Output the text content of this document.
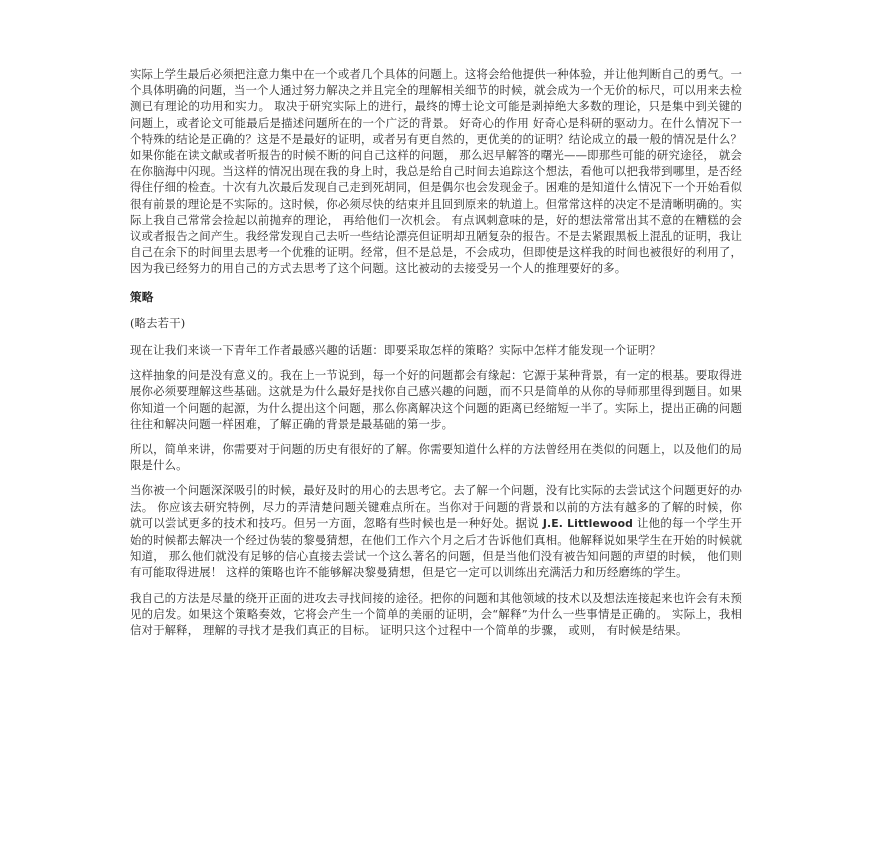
实际上学生最后必须把注意力集中在一个或者几个具体的问题上。这将会给他提供一种体验，并让他判断自己的勇气。一个具体明确的问题，当一个人通过努力解决之并且完全的理解相关细节的时候，就会成为一个无价的标尺，可以用来去检测已有理论的功用和实力。 取决于研究实际上的进行，最终的博士论文可能是剥掉绝大多数的理论，只是集中到关键的问题上，或者论文可能最后是描述问题所在的一个广泛的背景。 好奇心的作用 好奇心是科研的驱动力。在什么情况下一个特殊的结论是正确的？这是不是最好的证明，或者另有更自然的，更优美的的证明？结论成立的最一般的情况是什么？ 如果你能在读文献或者听报告的时候不断的问自己这样的问题， 那么迟早解答的曙光——即那些可能的研究途径， 就会在你脑海中闪现。当这样的情况出现在我的身上时，我总是给自己时间去追踪这个想法，看他可以把我带到哪里，是否经得住仔细的检查。十次有九次最后发现自己走到死胡同，但是偶尔也会发现金子。困难的是知道什么情况下一个开始看似很有前景的理论是不实际的。这时候，你必须尽快的结束并且回到原来的轨道上。但常常这样的决定不是清晰明确的。实际上我自己常常会捡起以前抛弃的理论， 再给他们一次机会。 有点讽刺意味的是，好的想法常常出其不意的在糟糕的会议或者报告之间产生。我经常发现自己去听一些结论漂亮但证明却丑陋复杂的报告。不是去紧跟黑板上混乱的证明，我让自己在余下的时间里去思考一个优雅的证明。经常，但不是总是，不会成功，但即使是这样我的时间也被很好的利用了，因为我已经努力的用自己的方式去思考了这个问题。这比被动的去接受另一个人的推理要好的多。

策略

(略去若干)

现在让我们来谈一下青年工作者最感兴趣的话题：即要采取怎样的策略？实际中怎样才能发现一个证明？

这样抽象的问是没有意义的。我在上一节说到，每一个好的问题都会有缘起：它源于某种背景，有一定的根基。要取得进展你必须要理解这些基础。这就是为什么最好是找你自己感兴趣的问题，而不只是简单的从你的导师那里得到题目。如果你知道一个问题的起源，为什么提出这个问题，那么你离解决这个问题的距离已经缩短一半了。实际上，提出正确的问题往往和解决问题一样困难，了解正确的背景是最基础的第一步。

所以，简单来讲，你需要对于问题的历史有很好的了解。你需要知道什么样的方法曾经用在类似的问题上，以及他们的局限是什么。

当你被一个问题深深吸引的时候，最好及时的用心的去思考它。去了解一个问题，没有比实际的去尝试这个问题更好的办法。 你应该去研究特例，尽力的弄清楚问题关键难点所在。当你对于问题的背景和以前的方法有越多的了解的时候，你就可以尝试更多的技术和技巧。但另一方面，忽略有些时候也是一种好处。据说 J.E. Littlewood 让他的每一个学生开始的时候都去解决一个经过伪装的黎曼猜想，在他们工作六个月之后才告诉他们真相。他解释说如果学生在开始的时候就知道， 那么他们就没有足够的信心直接去尝试一个这么著名的问题，但是当他们没有被告知问题的声望的时候， 他们则有可能取得进展！ 这样的策略也许不能够解决黎曼猜想，但是它一定可以训练出充满活力和历经磨练的学生。

我自己的方法是尽量的绕开正面的进攻去寻找间接的途径。把你的问题和其他领域的技术以及想法连接起来也许会有未预见的启发。如果这个策略奏效，它将会产生一个简单的美丽的证明，会“解释”为什么一些事情是正确的。 实际上，我相信对于解释， 理解的寻找才是我们真正的目标。 证明只这个过程中一个简单的步骤， 或则， 有时候是结果。
